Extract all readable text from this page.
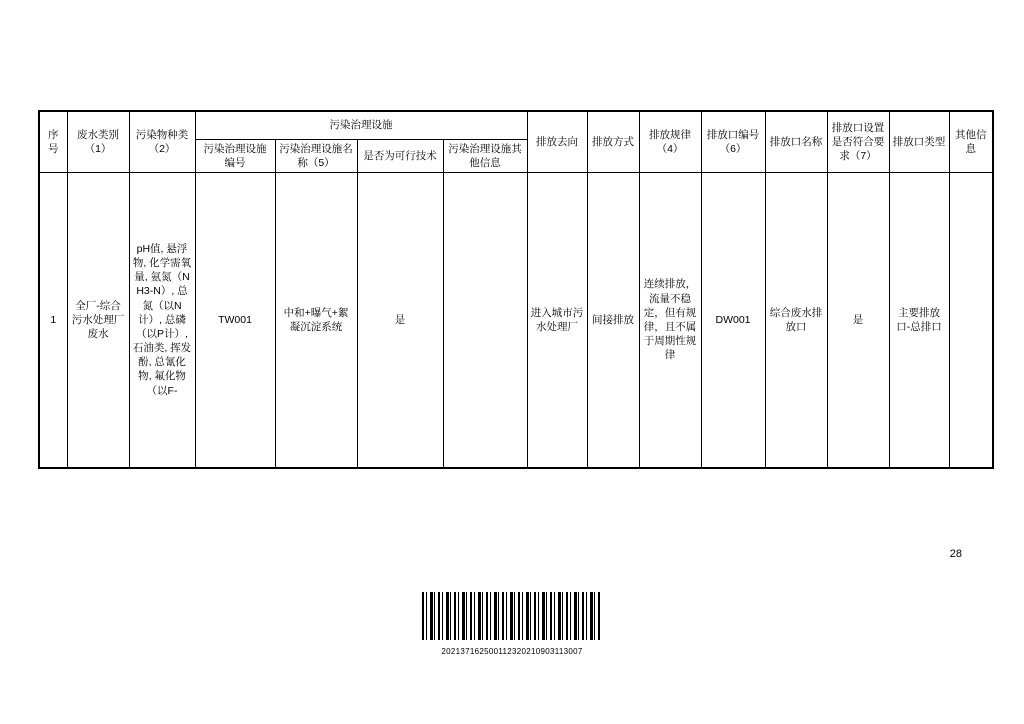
序号	废水类别（1）	污染物种类（2）	污染治理设施				排放去向	排放方式	排放规律（4）	排放口编号（6）	排放口名称	排放口设置是否符合要求（7）	排放口类型	其他信息
			污染治理设施编号	污染治理设施名称（5）	是否为可行技术	污染治理设施其他信息								
1	全厂-综合污水处理厂废水	pH值, 悬浮物, 化学需氧量, 氨氮（NH3-N）, 总氮（以N计）, 总磷（以P计）, 石油类, 挥发酚, 总氰化物, 氟化物（以F-	TW001	中和+曝气+絮凝沉淀系统	是		进入城市污水处理厂	间接排放	连续排放，流量不稳定，但有规律，且不属于周期性规律	DW001	综合废水排放口	是	主要排放口-总排口	
28
202137162500112320210903113007
